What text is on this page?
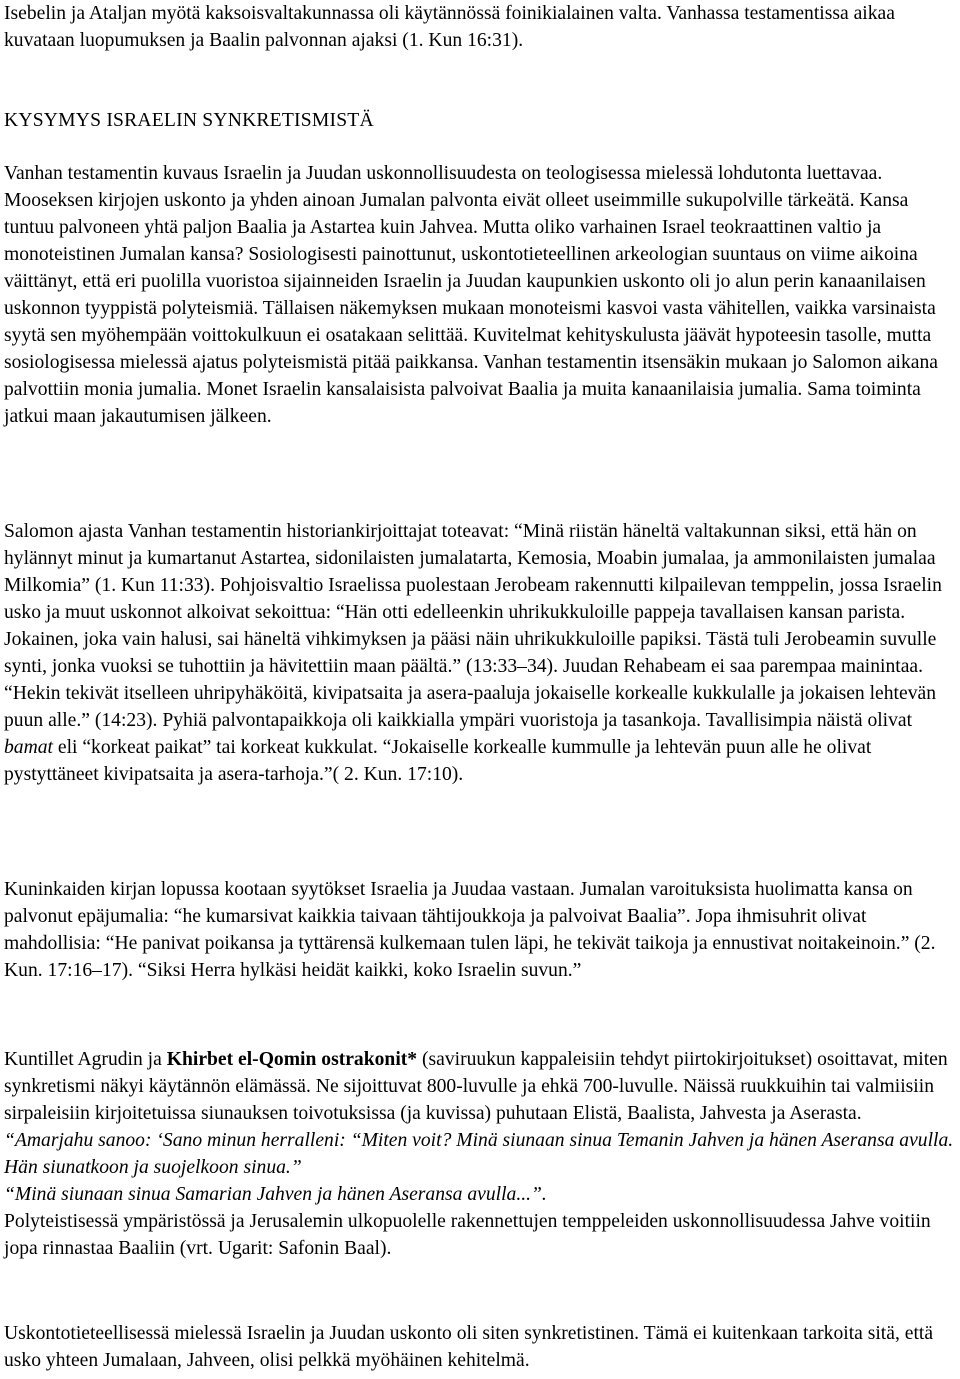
Isebelin ja Ataljan myötä kaksoisvaltakunnassa oli käytännössä foinikialainen valta. Vanhassa testamentissa aikaa kuvataan luopumuksen ja Baalin palvonnan ajaksi (1. Kun 16:31).

KYSYMYS ISRAELIN SYNKRETISMISTÄ

Vanhan testamentin kuvaus Israelin ja Juudan uskonnollisuudesta on teologisessa mielessä lohdutonta luettavaa. Mooseksen kirjojen uskonto ja yhden ainoan Jumalan palvonta eivät olleet useimmille sukupolville tärkeätä. Kansa tuntuu palvoneen yhtä paljon Baalia ja Astartea kuin Jahvea. Mutta oliko varhainen Israel teokraattinen valtio ja monoteistinen Jumalan kansa? Sosiologisesti painottunut, uskontotieteellinen arkeologian suuntaus on viime aikoina väittänyt, että eri puolilla vuoristoa sijainneiden Israelin ja Juudan kaupunkien uskonto oli jo alun perin kanaanilaisen uskonnon tyyppistä polyteismiä. Tällaisen näkemyksen mukaan monoteismi kasvoi vasta vähitellen, vaikka varsinaista syytä sen myöhempään voittokulkuun ei osatakaan selittää. Kuvitelmat kehityskulusta jäävät hypoteesin tasolle, mutta sosiologisessa mielessä ajatus polyteismistä pitää paikkansa. Vanhan testamentin itsensäkin mukaan jo Salomon aikana palvottiin monia jumalia. Monet Israelin kansalaisista palvoivat Baalia ja muita kanaanilaisia jumalia. Sama toiminta jatkui maan jakautumisen jälkeen.

Salomon ajasta Vanhan testamentin historiankirjoittajat toteavat: “Minä riistän häneltä valtakunnan siksi, että hän on hylännyt minut ja kumartanut Astartea, sidonilaisten jumalatarta, Kemosia, Moabin jumalaa, ja ammonilaisten jumalaa Milkomia” (1. Kun 11:33). Pohjoisvaltio Israelissa puolestaan Jerobeam rakennutti kilpailevan temppelin, jossa Israelin usko ja muut uskonnot alkoivat sekoittua: “Hän otti edelleenkin uhrikukkuloille pappeja tavallaisen kansan parista. Jokainen, joka vain halusi, sai häneltä vihkimyksen ja pääsi näin uhrikukkuloille papiksi. Tästä tuli Jerobeamin suvulle synti, jonka vuoksi se tuhottiin ja hävitettiin maan päältä.” (13:33–34). Juudan Rehabeam ei saa parempaa mainintaa. “Hekin tekivät itselleen uhripyhäköitä, kivipatsaita ja asera-paaluja jokaiselle korkealle kukkulalle ja jokaisen lehtevän puun alle.” (14:23). Pyhiä palvontapaikkoja oli kaikkialla ympäri vuoristoja ja tasankoja. Tavallisimpia näistä olivat bamat eli “korkeat paikat” tai korkeat kukkulat. “Jokaiselle korkealle kummulle ja lehtevän puun alle he olivat pystyttäneet kivipatsaita ja asera-tarhoja.”( 2. Kun. 17:10).

Kuninkaiden kirjan lopussa kootaan syytökset Israelia ja Juudaa vastaan. Jumalan varoituksista huolimatta kansa on palvonut epäjumalia: “he kumarsivat kaikkia taivaan tähtijoukkoja ja palvoivat Baalia”. Jopa ihmisuhrit olivat mahdollisia: “He panivat poikansa ja tyttärensä kulkemaan tulen läpi, he tekivät taikoja ja ennustivat noitakeinoin.” (2. Kun. 17:16–17). “Siksi Herra hylkäsi heidät kaikki, koko Israelin suvun.”

Kuntillet Agrudin ja Khirbet el-Qomin ostrakonit* (saviruukun kappaleisiin tehdyt piirtokirjoitukset) osoittavat, miten synkretismi näkyi käytännön elämässä. Ne sijoittuvat 800-luvulle ja ehkä 700-luvulle. Näissä ruukkuihin tai valmiisiin sirpaleisiin kirjoitetuissa siunauksen toivotuksissa (ja kuvissa) puhutaan Elistä, Baalista, Jahvesta ja Aserasta.
“Amarjahu sanoo: ‘Sano minun herralleni: “Miten voit? Minä siunaan sinua Temanin Jahven ja hänen Aseransa avulla. Hän siunatkoon ja suojelkoon sinua.”
“Minä siunaan sinua Samarian Jahven ja hänen Aseransa avulla...”.
Polyteistisessä ympäristössä ja Jerusalemin ulkopuolelle rakennettujen temppeleiden uskonnollisuudessa Jahve voitiin jopa rinnastaa Baaliin (vrt. Ugarit: Safonin Baal).

Uskontotieteellisessä mielessä Israelin ja Juudan uskonto oli siten synkretistinen. Tämä ei kuitenkaan tarkoita sitä, että usko yhteen Jumalaan, Jahveen, olisi pelkkä myöhäinen kehitelmä.
